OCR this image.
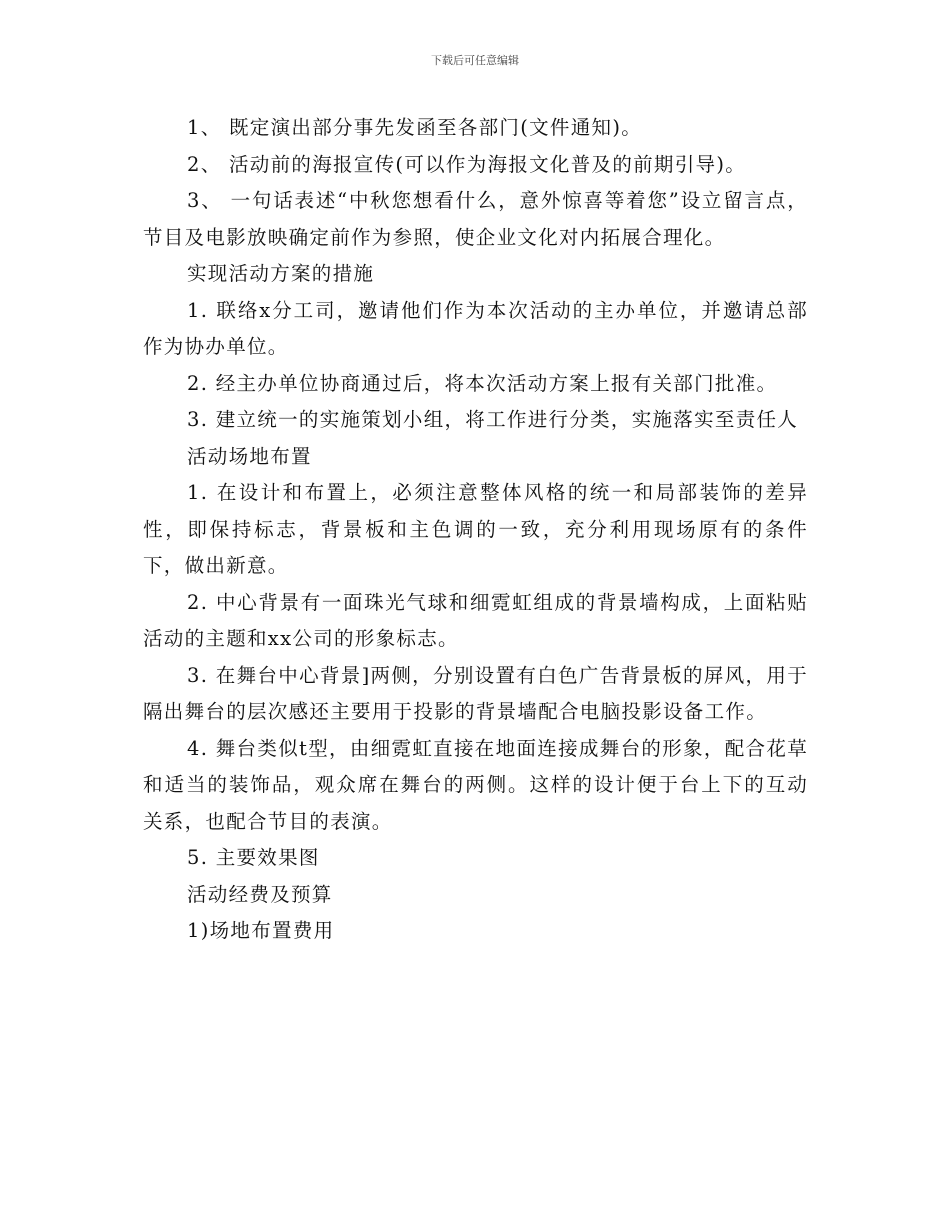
下载后可任意编辑

1、 既定演出部分事先发函至各部门(文件通知)。

2、 活动前的海报宣传(可以作为海报文化普及的前期引导)。

3、 一句话表述“中秋您想看什么，意外惊喜等着您”设立留言点，节目及电影放映确定前作为参照，使企业文化对内拓展合理化。

实现活动方案的措施

1. 联络x分工司，邀请他们作为本次活动的主办单位，并邀请总部作为协办单位。

2. 经主办单位协商通过后，将本次活动方案上报有关部门批准。

3. 建立统一的实施策划小组，将工作进行分类，实施落实至责任人

活动场地布置

1. 在设计和布置上，必须注意整体风格的统一和局部装饰的差异性，即保持标志，背景板和主色调的一致，充分利用现场原有的条件下，做出新意。

2. 中心背景有一面珠光气球和细霓虹组成的背景墙构成，上面粘贴活动的主题和xx公司的形象标志。

3. 在舞台中心背景]两侧，分别设置有白色广告背景板的屏风，用于隔出舞台的层次感还主要用于投影的背景墙配合电脑投影设备工作。

4. 舞台类似t型，由细霓虹直接在地面连接成舞台的形象，配合花草和适当的装饰品，观众席在舞台的两侧。这样的设计便于台上下的互动关系，也配合节目的表演。

5. 主要效果图

活动经费及预算

1)场地布置费用
